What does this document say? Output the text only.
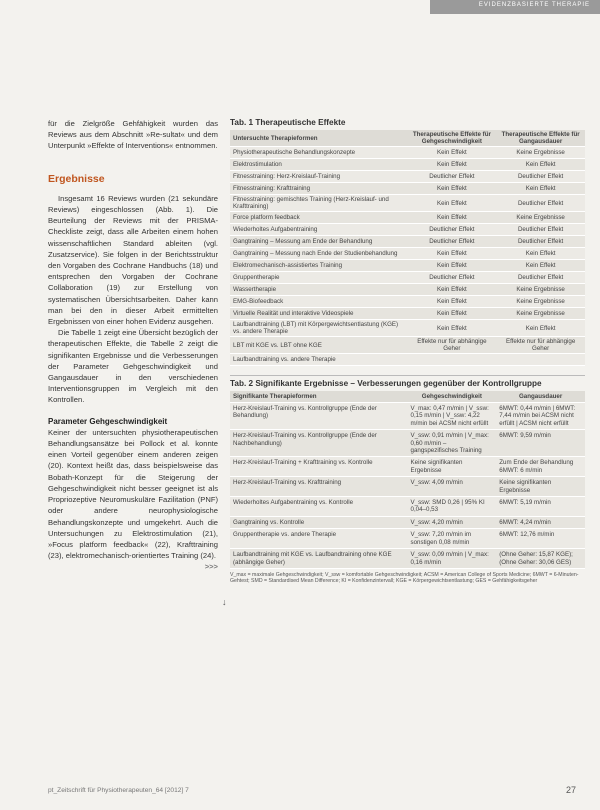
EVIDENZBASIERTE THERAPIE

für die Zielgröße Gehfähigkeit wurden das Reviews aus dem Abschnitt »Re-sultat« und dem Unterpunkt »Effekte of Interventions« entnommen.

Ergebnisse

Insgesamt 16 Reviews wurden (21 sekundäre Reviews) eingeschlossen (Abb. 1). Die Beurteilung der Reviews mit der PRISMA-Checkliste zeigt, dass alle Arbeiten einem hohen wissenschaftlichen Standard ableiten (vgl. Zusatzservice). Sie folgen in der Berichtsstruktur den Vorgaben des Cochrane Handbuchs (18) und entsprechen den Vorgaben der Cochrane Collaboration (19) zur Erstellung von systematischen Übersichtsarbeiten. Daher kann man bei den in dieser Arbeit ermittelten Ergebnissen von einer hohen Evidenz ausgehen.

Die Tabelle 1 zeigt eine Übersicht bezüglich der therapeutischen Effekte, die Tabelle 2 zeigt die signifikanten Ergebnisse und die Verbesserungen der Parameter Gehgeschwindigkeit und Gangausdauer in den verschiedenen Interventionsgruppen im Vergleich mit den Kontrollen.

Parameter Gehgeschwindigkeit

Keiner der untersuchten physiotherapeutischen Behandlungsansätze bei Pollock et al. konnte einen Vorteil gegenüber einem anderen zeigen (20). Kontext heißt das, dass beispielsweise das Bobath-Konzept für die Steigerung der Gehgeschwindigkeit nicht besser geeignet ist als Propriozeptive Neuromuskuläre Fazilitation (PNF) oder andere neurophysiologische Behandlungskonzepte und umgekehrt. Auch die Untersuchungen zu Elektrostimulation (21), »Focus platform feedback« (22), Krafttraining (23), elektromechanisch-orientiertes Training (24).

>>>

↓
Tab. 1 Therapeutische Effekte
Untersuchte Therapieformen	Therapeutische Effekte für Gehgeschwindigkeit	Therapeutische Effekte für Gangausdauer
Physiotherapeutische Behandlungskonzepte	Kein Effekt	Keine Ergebnisse
Elektrostimulation	Kein Effekt	Kein Effekt
Fitnesstraining: Herz-Kreislauf-Training	Deutlicher Effekt	Deutlicher Effekt
Fitnesstraining: Krafttraining	Kein Effekt	Kein Effekt
Fitnesstraining: gemischtes Training (Herz-Kreislauf- und Krafttraining)	Kein Effekt	Deutlicher Effekt
Force platform feedback	Kein Effekt	Keine Ergebnisse
Wiederholtes Aufgabentraining	Deutlicher Effekt	Deutlicher Effekt
Gangtraining – Messung am Ende der Behandlung	Deutlicher Effekt	Deutlicher Effekt
Gangtraining – Messung nach Ende der Studienbehandlung	Kein Effekt	Kein Effekt
Elektromechanisch-assistiertes Training	Kein Effekt	Kein Effekt
Gruppentherapie	Deutlicher Effekt	Deutlicher Effekt
Wassertherapie	Kein Effekt	Keine Ergebnisse
EMG-Biofeedback	Kein Effekt	Keine Ergebnisse
Virtuelle Realität und interaktive Videospiele	Kein Effekt	Keine Ergebnisse
Laufbandtraining (LBT) mit Körpergewichtsentlastung (KGE) vs. andere Therapie	Kein Effekt	Kein Effekt
LBT mit KGE vs. LBT ohne KGE	Effekte nur für abhängige Geher	Effekte nur für abhängige Geher
Laufbandtraining vs. andere Therapie		
Tab. 2 Signifikante Ergebnisse – Verbesserungen gegenüber der Kontrollgruppe
Signifikante Therapieformen	Gehgeschwindigkeit	Gangausdauer
Herz-Kreislauf-Training vs. Kontrollgruppe (Ende der Behandlung)	V_max: 0,47 m/min | V_ssw: 0,15 m/min | V_ssw: 4,22 m/min bei ACSM nicht erfüllt	6MWT: 0,44 m/min | 6MWT: 7,44 m/min bei ACSM nicht erfüllt | ACSM nicht erfüllt
Herz-Kreislauf-Training vs. Kontrollgruppe (Ende der Nachbehandlung)	V_ssw: 0,91 m/min | V_max: 0,60 m/min – gangspezifisches Training	6MWT: 9,59 m/min
Herz-Kreislauf-Training + Krafttraining vs. Kontrolle	Keine signifikanten Ergebnisse	Zum Ende der Behandlung 6MWT: 6 m/min
Herz-Kreislauf-Training vs. Krafttraining	V_ssw: 4,09 m/min	Keine signifikanten Ergebnisse
Wiederholtes Aufgabentraining vs. Kontrolle	V_ssw: SMD 0,26 | 95% KI 0,04–0,53	6MWT: 5,19 m/min
Gangtraining vs. Kontrolle	V_ssw: 4,20 m/min	6MWT: 4,24 m/min
Gruppentherapie vs. andere Therapie	V_ssw: 7,20 m/min im sonstigen 0,08 m/min	6MWT: 12,76 m/min
Laufbandtraining mit KGE vs. Laufbandtraining ohne KGE (abhängige Geher)	V_ssw: 0,09 m/min | V_max: 0,16 m/min	(Ohne Geher: 15,87 KGE); (Ohne Geher: 30,06 GES)
V_max = maximale Gehgeschwindigkeit; V_ssw = komfortable Gehgeschwindigkeit; ACSM = American College of Sports Medicine; 6MWT = 6-Minuten-Gehtest; SMD = Standardised Mean Difference; KI = Konfidenzintervall; KGE = Körpergewichtsentlastung; GES = Gehfähigkeitsgeher
pt_Zeitschrift für Physiotherapeuten_64 [2012] 7	27
